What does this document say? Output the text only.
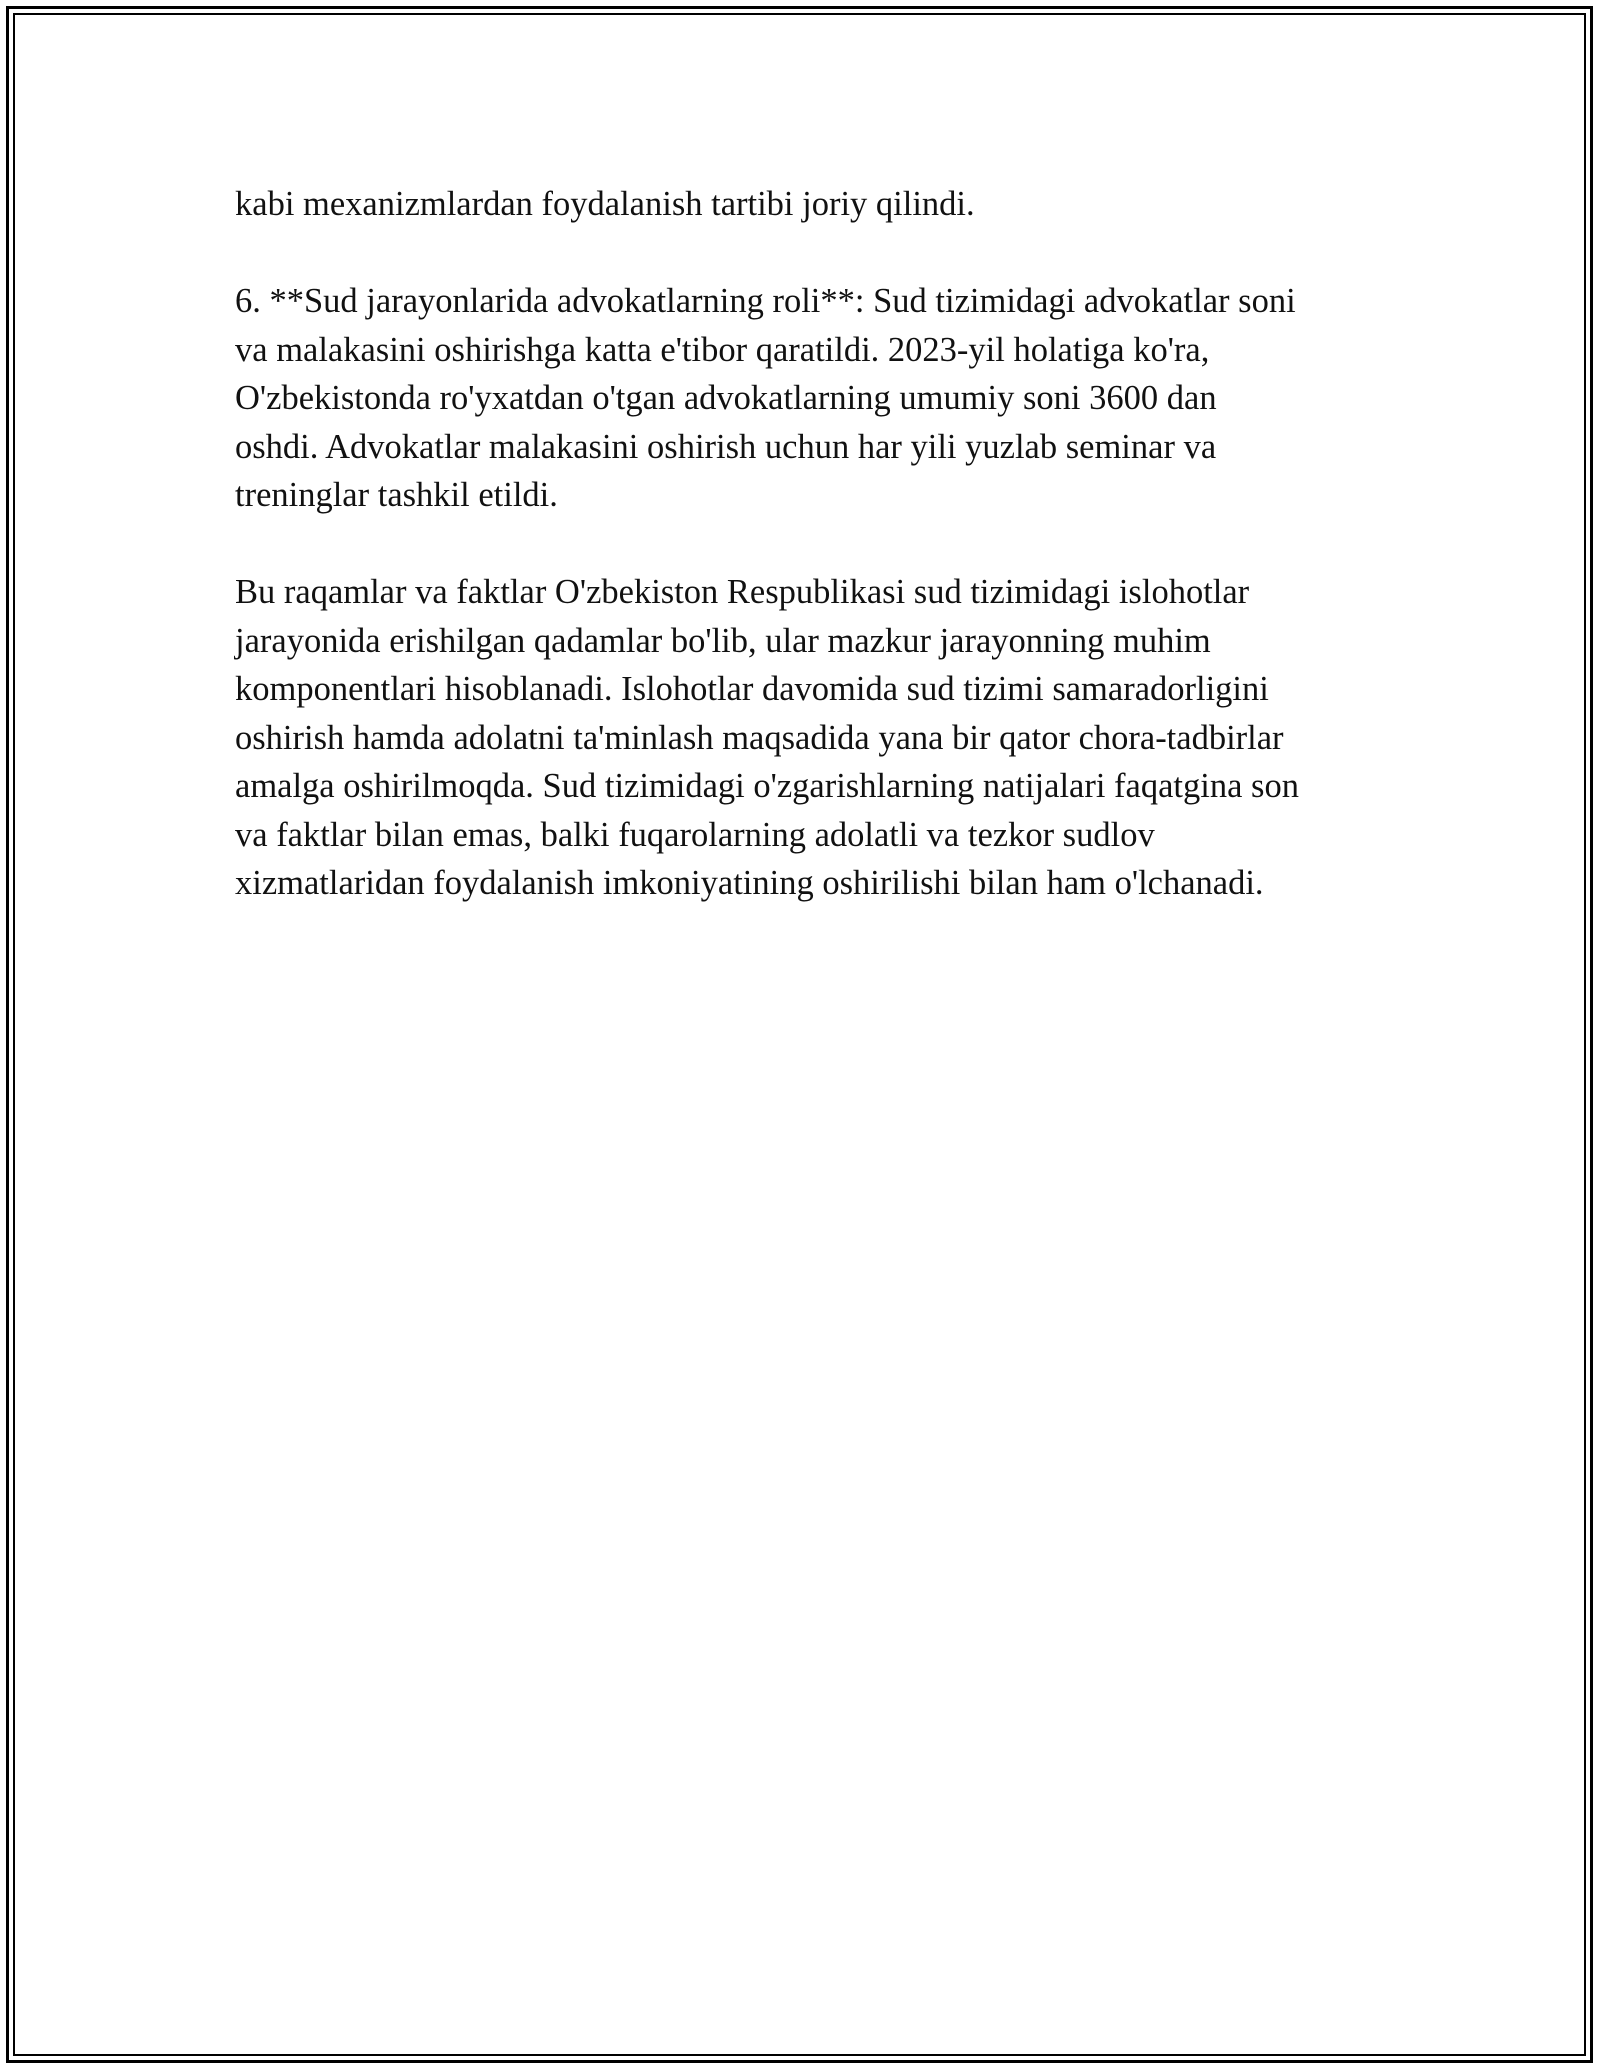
kabi mexanizmlardan foydalanish tartibi joriy qilindi.

6. **Sud jarayonlarida advokatlarning roli**: Sud tizimidagi advokatlar soni
va malakasini oshirishga katta e'tibor qaratildi. 2023-yil holatiga ko'ra,
O'zbekistonda ro'yxatdan o'tgan advokatlarning umumiy soni 3600 dan
oshdi. Advokatlar malakasini oshirish uchun har yili yuzlab seminar va
treninglar tashkil etildi.

Bu raqamlar va faktlar O'zbekiston Respublikasi sud tizimidagi islohotlar
jarayonida erishilgan qadamlar bo'lib, ular mazkur jarayonning muhim
komponentlari hisoblanadi. Islohotlar davomida sud tizimi samaradorligini
oshirish hamda adolatni ta'minlash maqsadida yana bir qator chora-tadbirlar
amalga oshirilmoqda. Sud tizimidagi o'zgarishlarning natijalari faqatgina son
va faktlar bilan emas, balki fuqarolarning adolatli va tezkor sudlov
xizmatlaridan foydalanish imkoniyatining oshirilishi bilan ham o'lchanadi.
